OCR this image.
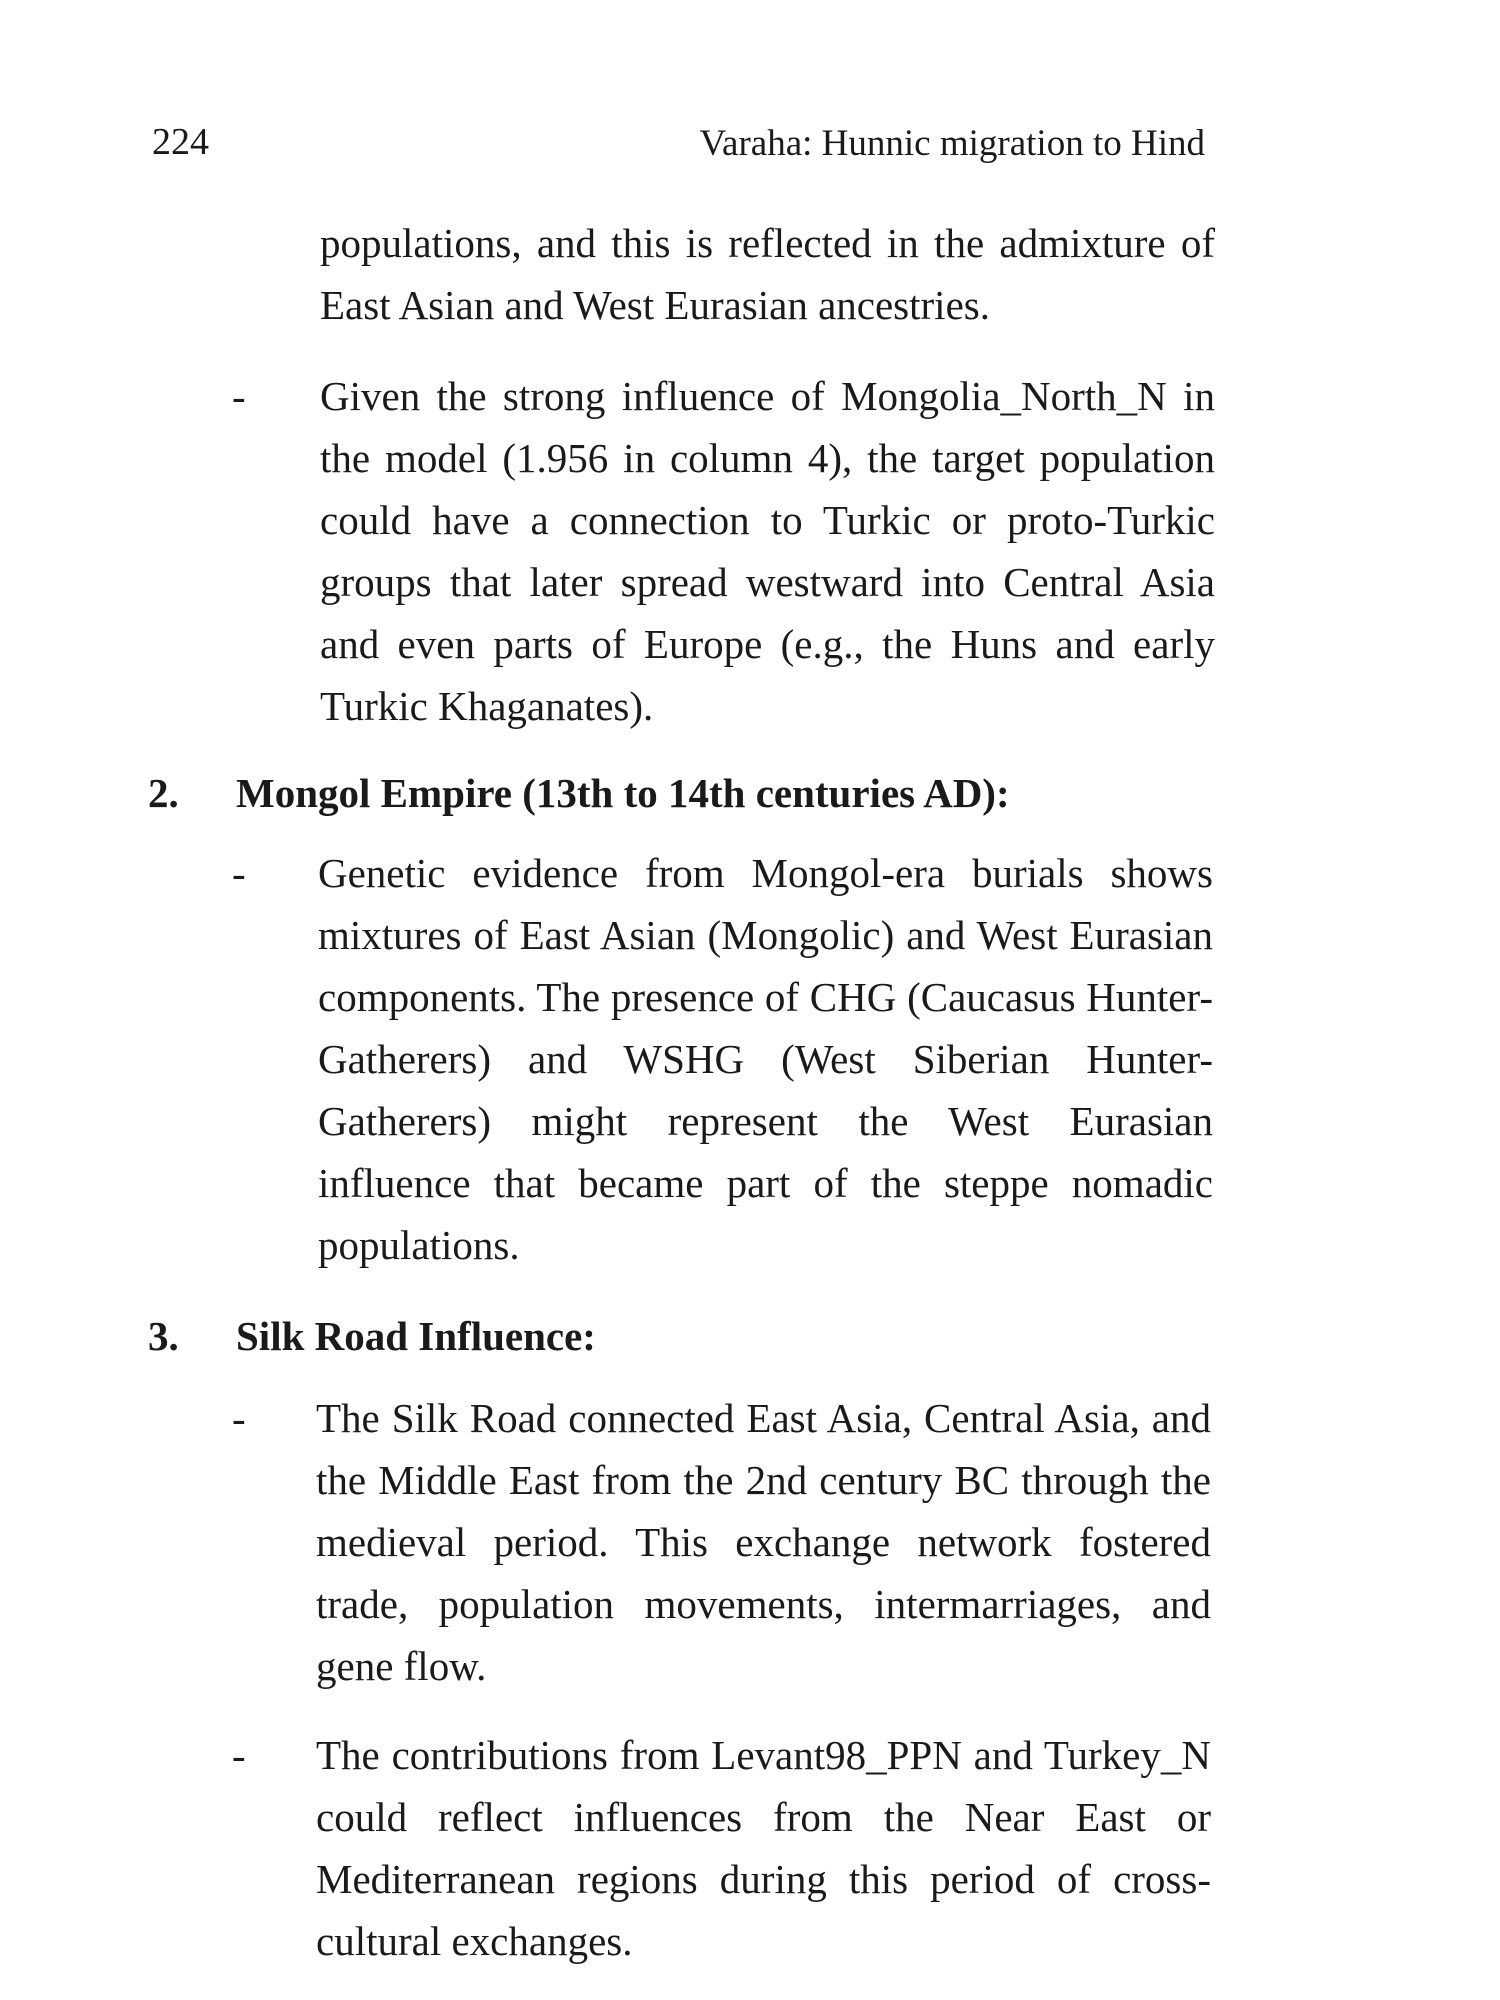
224	Varaha: Hunnic migration to Hind

populations, and this is reflected in the admixture of East Asian and West Eurasian ancestries.

- Given the strong influence of Mongolia_North_N in the model (1.956 in column 4), the target population could have a connection to Turkic or proto-Turkic groups that later spread westward into Central Asia and even parts of Europe (e.g., the Huns and early Turkic Khaganates).

2. Mongol Empire (13th to 14th centuries AD):
- Genetic evidence from Mongol-era burials shows mixtures of East Asian (Mongolic) and West Eurasian components. The presence of CHG (Caucasus Hunter-Gatherers) and WSHG (West Siberian Hunter-Gatherers) might represent the West Eurasian influence that became part of the steppe nomadic populations.

3. Silk Road Influence:
- The Silk Road connected East Asia, Central Asia, and the Middle East from the 2nd century BC through the medieval period. This exchange network fostered trade, population movements, intermarriages, and gene flow.

- The contributions from Levant98_PPN and Turkey_N could reflect influences from the Near East or Mediterranean regions during this period of cross-cultural exchanges.
